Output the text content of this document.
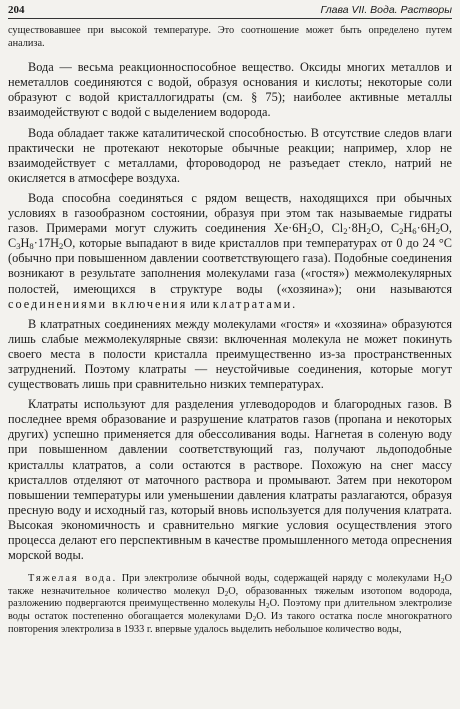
204	Глава VII. Вода. Растворы

существовавшее при высокой температуре. Это соотношение может быть определено путем анализа.

Вода — весьма реакционноспособное вещество. Оксиды многих металлов и неметаллов соединяются с водой, образуя основания и кислоты; некоторые соли образуют с водой кристаллогидраты (см. § 75); наиболее активные металлы взаимодействуют с водой с выделением водорода.

Вода обладает также каталитической способностью. В отсутствие следов влаги практически не протекают некоторые обычные реакции; например, хлор не взаимодействует с металлами, фтороводород не разъедает стекло, натрий не окисляется в атмосфере воздуха.

Вода способна соединяться с рядом веществ, находящихся при обычных условиях в газообразном состоянии, образуя при этом так называемые гидраты газов. Примерами могут служить соединения $Xe\cdot 6H_2O$, $Cl_2\cdot 8H_2O$, $C_2H_6\cdot 6H_2O$, $C_3H_8\cdot 17H_2O$, которые выпадают в виде кристаллов при температурах от 0 до 24 °С (обычно при повышенном давлении соответствующего газа). Подобные соединения возникают в результате заполнения молекулами газа («гостя») межмолекулярных полостей, имеющихся в структуре воды («хозяина»); они называются соединениями включения или клатратами.

В клатратных соединениях между молекулами «гостя» и «хозяина» образуются лишь слабые межмолекулярные связи: включенная молекула не может покинуть своего места в полости кристалла преимущественно из-за пространственных затруднений. Поэтому клатраты — неустойчивые соединения, которые могут существовать лишь при сравнительно низких температурах.

Клатраты используют для разделения углеводородов и благородных газов. В последнее время образование и разрушение клатратов газов (пропана и некоторых других) успешно применяется для обессоливания воды. Нагнетая в соленую воду при повышенном давлении соответствующий газ, получают льдоподобные кристаллы клатратов, а соли остаются в растворе. Похожую на снег массу кристаллов отделяют от маточного раствора и промывают. Затем при некотором повышении температуры или уменьшении давления клатраты разлагаются, образуя пресную воду и исходный газ, который вновь используется для получения клатрата. Высокая экономичность и сравнительно мягкие условия осуществления этого процесса делают его перспективным в качестве промышленного метода опреснения морской воды.

Тяжелая вода. При электролизе обычной воды, содержащей наряду с молекулами $H_2O$ также незначительное количество молекул $D_2O$, образованных тяжелым изотопом водорода, разложению подвергаются преимущественно молекулы $H_2O$. Поэтому при длительном электролизе воды остаток постепенно обогащается молекулами $D_2O$. Из такого остатка после многократного повторения электролиза в 1933 г. впервые удалось выделить небольшое количество воды,
